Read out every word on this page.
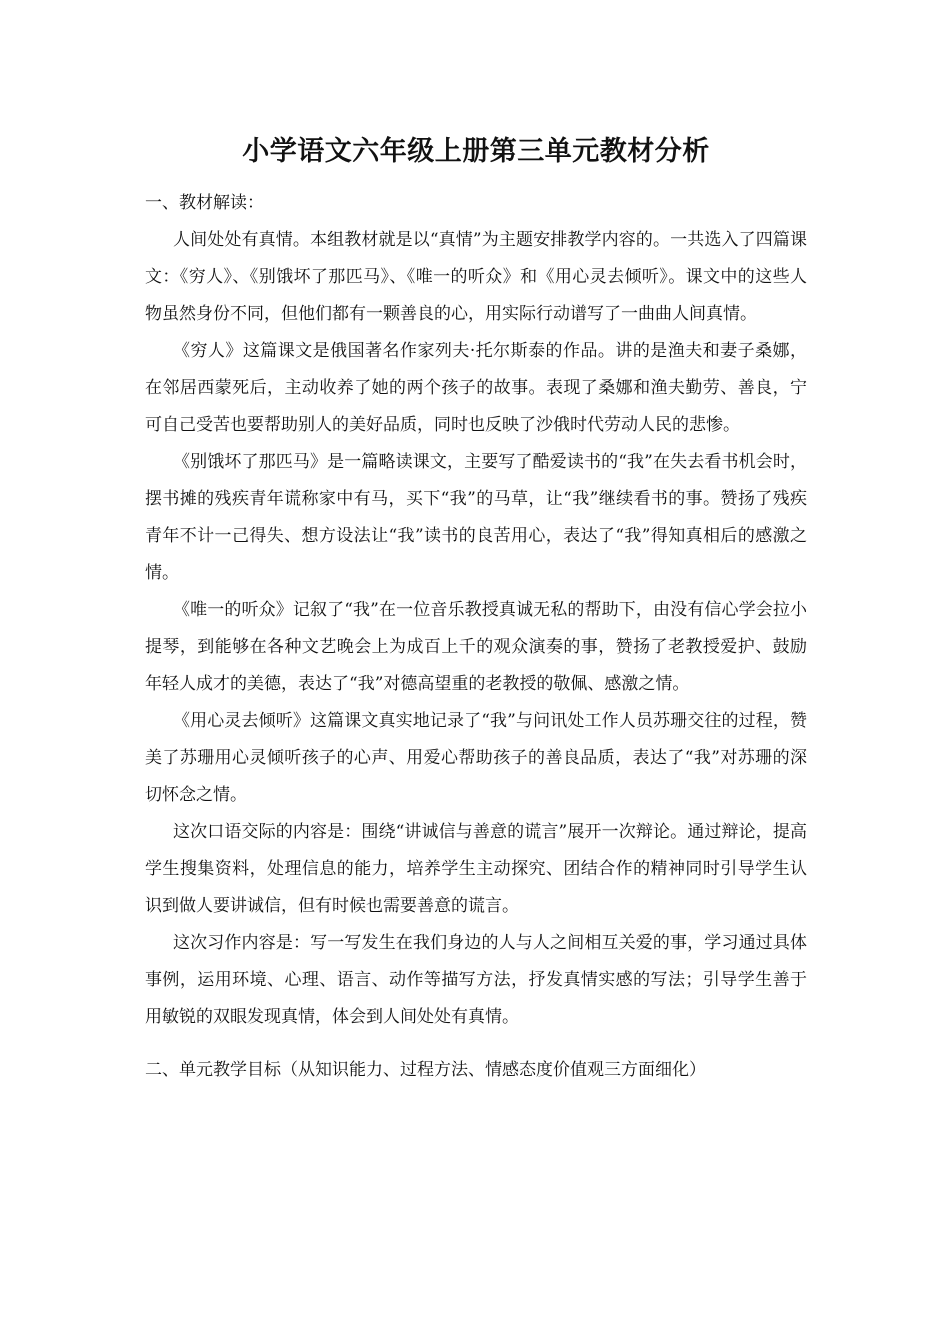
小学语文六年级上册第三单元教材分析

一、教材解读：

人间处处有真情。本组教材就是以“真情”为主题安排教学内容的。一共选入了四篇课文：《穷人》、《别饿坏了那匹马》、《唯一的听众》和《用心灵去倾听》。课文中的这些人物虽然身份不同，但他们都有一颗善良的心，用实际行动谱写了一曲曲人间真情。

《穷人》这篇课文是俄国著名作家列夫·托尔斯泰的作品。讲的是渔夫和妻子桑娜，在邻居西蒙死后，主动收养了她的两个孩子的故事。表现了桑娜和渔夫勤劳、善良，宁可自己受苦也要帮助别人的美好品质，同时也反映了沙俄时代劳动人民的悲惨。

《别饿坏了那匹马》是一篇略读课文，主要写了酷爱读书的“我”在失去看书机会时，摆书摊的残疾青年谎称家中有马，买下“我”的马草，让“我”继续看书的事。赞扬了残疾青年不计一己得失、想方设法让“我”读书的良苦用心，表达了“我”得知真相后的感激之情。

《唯一的听众》记叙了“我”在一位音乐教授真诚无私的帮助下，由没有信心学会拉小提琴，到能够在各种文艺晚会上为成百上千的观众演奏的事，赞扬了老教授爱护、鼓励年轻人成才的美德，表达了“我”对德高望重的老教授的敬佩、感激之情。

《用心灵去倾听》这篇课文真实地记录了“我”与问讯处工作人员苏珊交往的过程，赞美了苏珊用心灵倾听孩子的心声、用爱心帮助孩子的善良品质，表达了“我”对苏珊的深切怀念之情。

这次口语交际的内容是：围绕“讲诚信与善意的谎言”展开一次辩论。通过辩论，提高学生搜集资料，处理信息的能力，培养学生主动探究、团结合作的精神同时引导学生认识到做人要讲诚信，但有时候也需要善意的谎言。

这次习作内容是：写一写发生在我们身边的人与人之间相互关爱的事，学习通过具体事例，运用环境、心理、语言、动作等描写方法，抒发真情实感的写法；引导学生善于用敏锐的双眼发现真情，体会到人间处处有真情。

二、单元教学目标（从知识能力、过程方法、情感态度价值观三方面细化）
